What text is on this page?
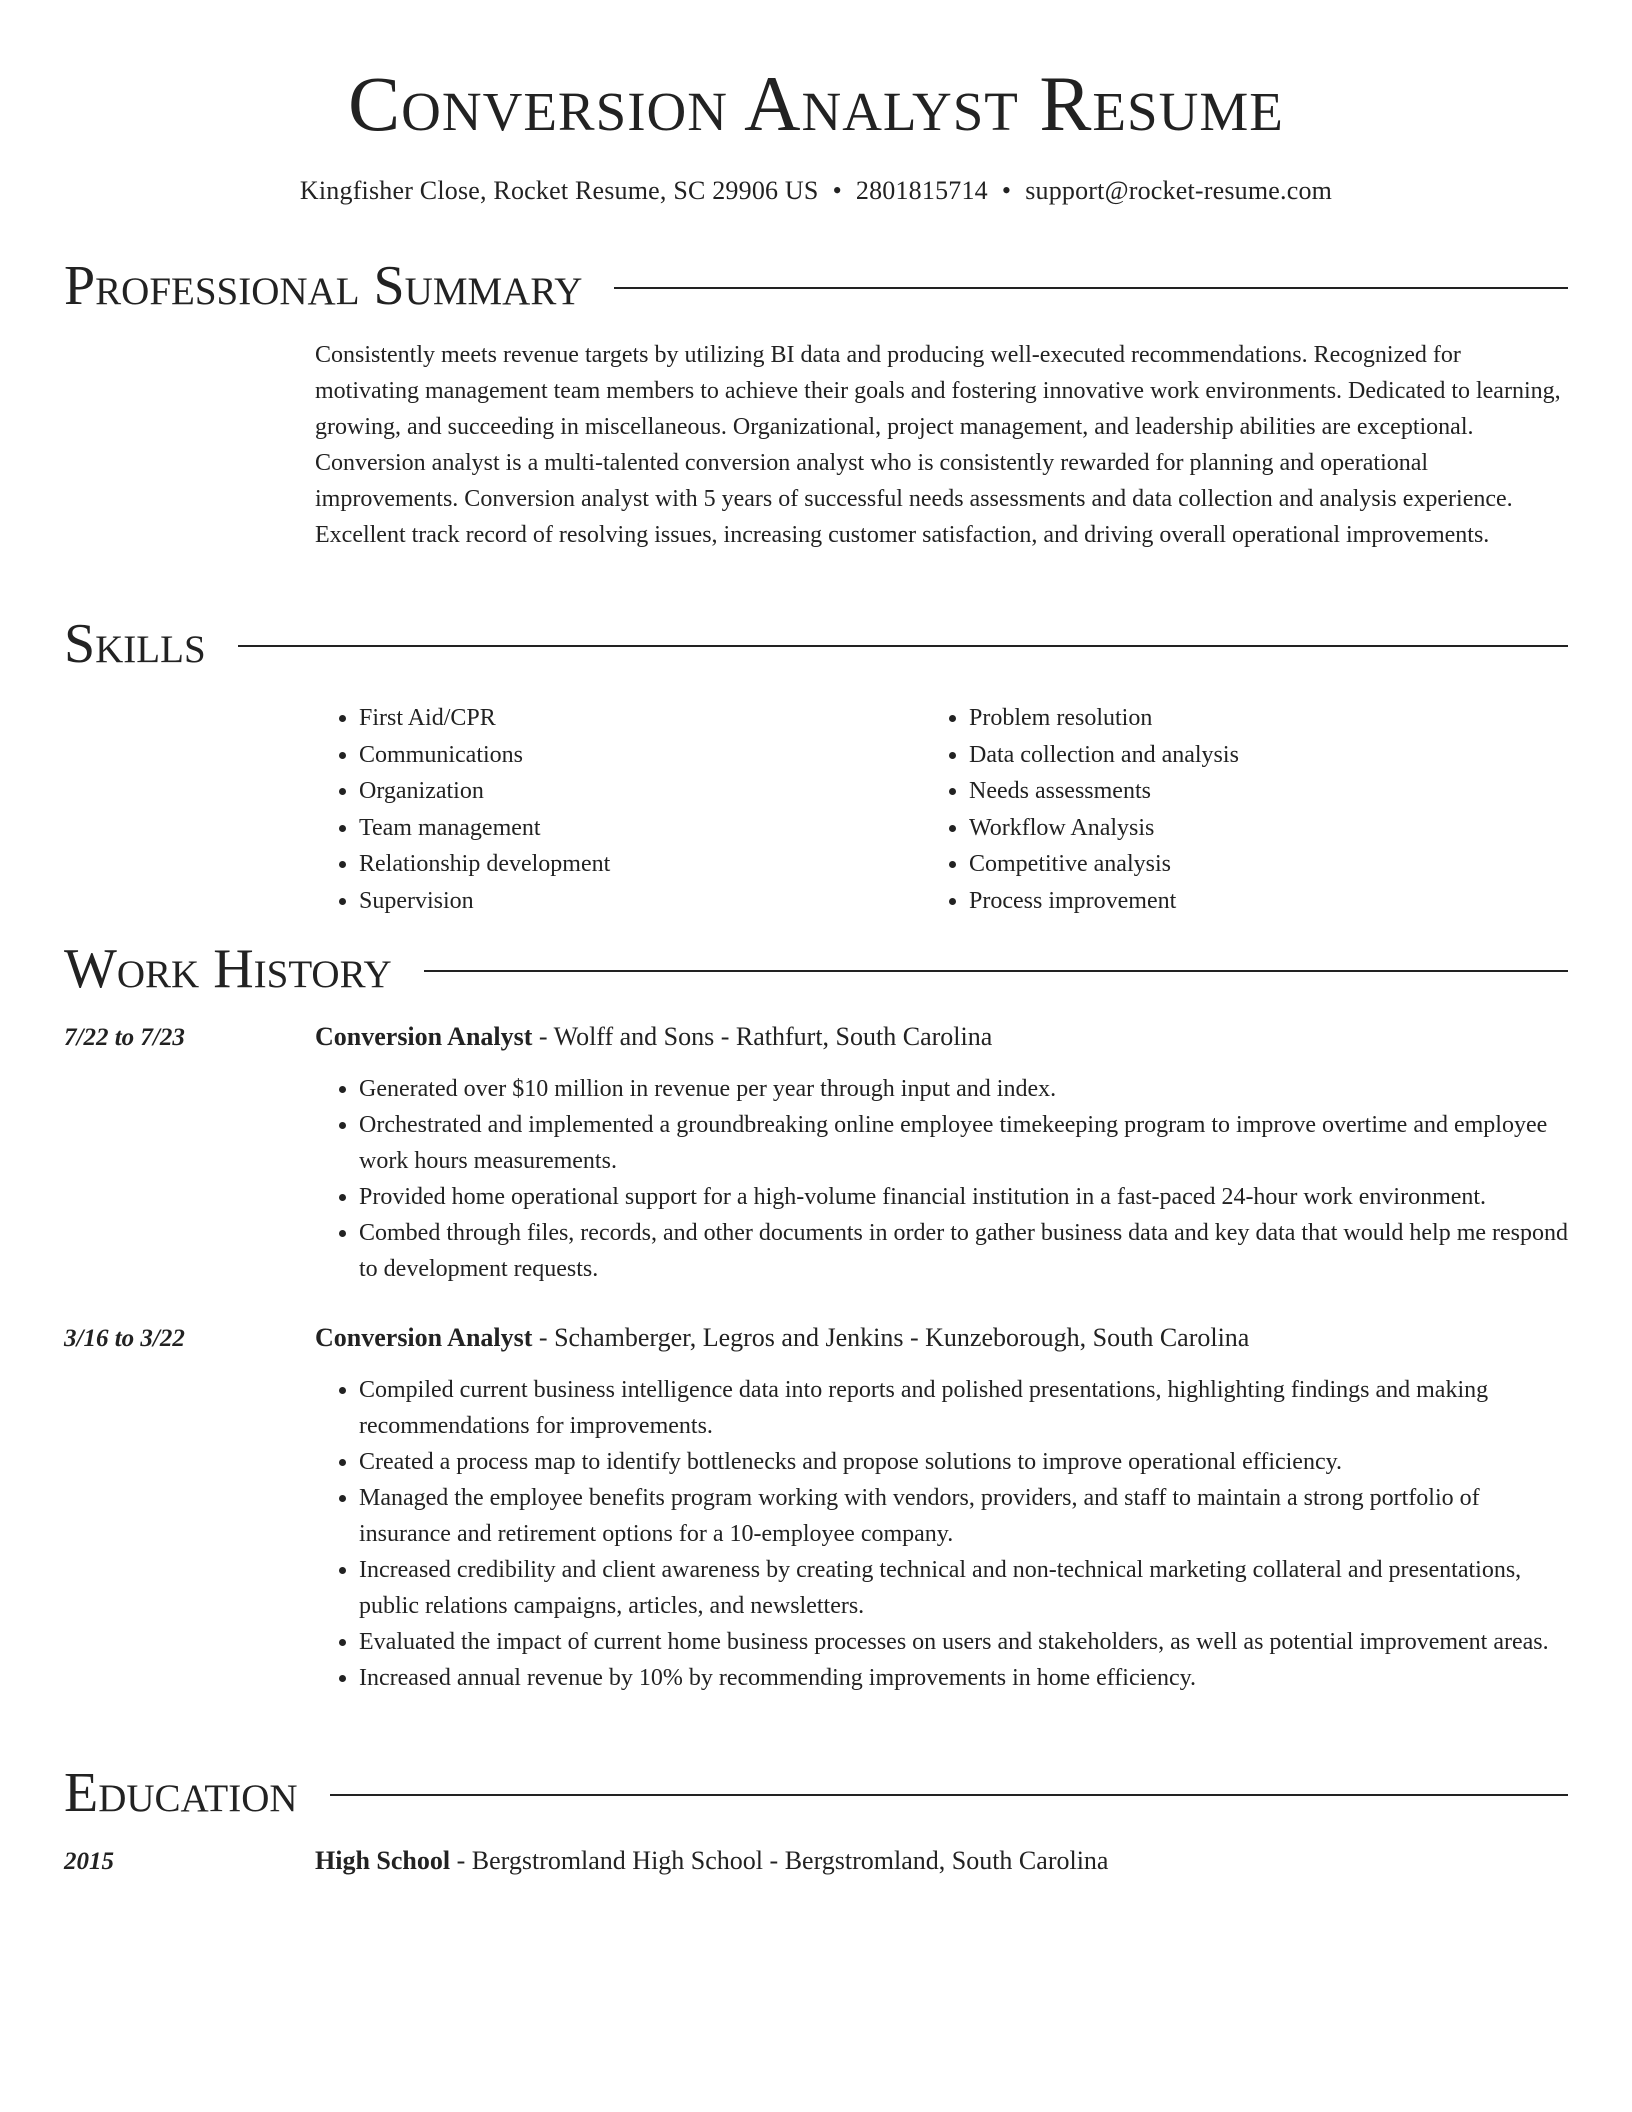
Conversion Analyst Resume
Kingfisher Close, Rocket Resume, SC 29906 US • 2801815714 • support@rocket-resume.com
Professional Summary

Consistently meets revenue targets by utilizing BI data and producing well-executed recommendations. Recognized for motivating management team members to achieve their goals and fostering innovative work environments. Dedicated to learning, growing, and succeeding in miscellaneous. Organizational, project management, and leadership abilities are exceptional. Conversion analyst is a multi-talented conversion analyst who is consistently rewarded for planning and operational improvements. Conversion analyst with 5 years of successful needs assessments and data collection and analysis experience. Excellent track record of resolving issues, increasing customer satisfaction, and driving overall operational improvements.

Skills
• First Aid/CPR
• Communications
• Organization
• Team management
• Relationship development
• Supervision
• Problem resolution
• Data collection and analysis
• Needs assessments
• Workflow Analysis
• Competitive analysis
• Process improvement
Work History
7/22 to 7/23	Conversion Analyst - Wolff and Sons - Rathfurt, South Carolina
• Generated over $10 million in revenue per year through input and index.
• Orchestrated and implemented a groundbreaking online employee timekeeping program to improve overtime and employee work hours measurements.
• Provided home operational support for a high-volume financial institution in a fast-paced 24-hour work environment.
• Combed through files, records, and other documents in order to gather business data and key data that would help me respond to development requests.
3/16 to 3/22	Conversion Analyst - Schamberger, Legros and Jenkins - Kunzeborough, South Carolina
• Compiled current business intelligence data into reports and polished presentations, highlighting findings and making recommendations for improvements.
• Created a process map to identify bottlenecks and propose solutions to improve operational efficiency.
• Managed the employee benefits program working with vendors, providers, and staff to maintain a strong portfolio of insurance and retirement options for a 10-employee company.
• Increased credibility and client awareness by creating technical and non-technical marketing collateral and presentations, public relations campaigns, articles, and newsletters.
• Evaluated the impact of current home business processes on users and stakeholders, as well as potential improvement areas.
• Increased annual revenue by 10% by recommending improvements in home efficiency.
Education
2015	High School - Bergstromland High School - Bergstromland, South Carolina
